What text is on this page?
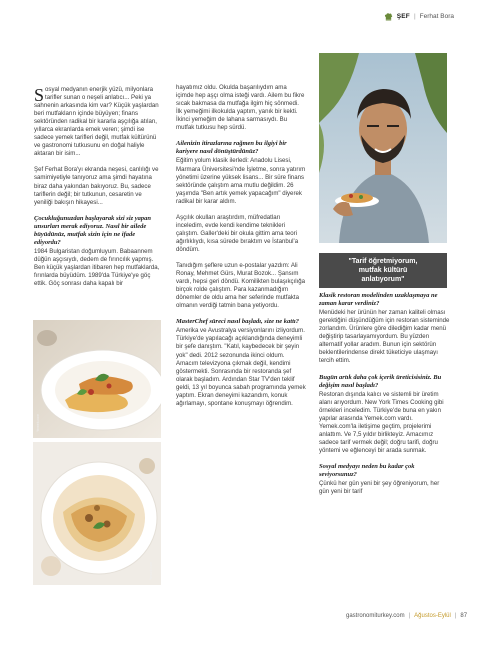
ŞEF | Ferhat Bora

Sosyal medyanın enerjik yüzü, milyonlara tarifler sunan o neşeli anlatıcı... Peki ya sahnenin arkasında kim var? Küçük yaşlardan beri mutfakların içinde büyüyen; finans sektöründen radikal bir kararla aşçılığa atılan, yıllarca ekranlarda emek veren; şimdi ise sadece yemek tarifleri değil, mutfak kültürünü ve gastronomi tutkusunu en doğal haliyle aktaran bir isim...

Şef Ferhat Bora'yı ekranda neşesi, canlılığı ve samimiyetiyle tanıyoruz ama şimdi hayatına biraz daha yakından bakıyoruz. Bu, sadece tariflerin değil; bir tutkunun, cesaretin ve yeniliği bakışın hikayesi...

Çocukluğunuzdan başlayarak sizi siz yapan unsurları merak ediyoruz. Nasıl bir ailede büyüdünüz, mutfak sizin için ne ifade ediyordu?

1984 Bulgaristan doğumluyum. Babaannem düğün aşçısıydı, dedem de fırıncılık yapmış. Ben küçük yaşlardan itibaren hep mutfaklarda, fırınlarda büyüdüm. 1989'da Türkiye'ye göç ettik. Göç sonrası daha kapalı bir

Yemek.com
Yemek.com

hayatımız oldu. Okulda başarılıydım ama içimde hep aşçı olma isteği vardı. Ailem bu fikre sıcak bakmasa da mutfağa ilgim hiç sönmedi. İlk yemeğimi ilkokulda yaptım, yanık bir kekti. İkinci yemeğim de lahana sarmasıydı. Bu mutfak tutkusu hep sürdü.

Ailenizin itirazlarına rağmen bu ilgiyi bir kariyere nasıl dönüştürdünüz?

Eğitim yolum klasik ilerledi: Anadolu Lisesi, Marmara Üniversitesi'nde İşletme, sonra yatırım yönetimi üzerine yüksek lisans... Bir süre finans sektöründe çalıştım ama mutlu değildim. 26 yaşımda "Ben artık yemek yapacağım" diyerek radikal bir karar aldım.

Aşçılık okulları araştırdım, müfredatları inceledim, evde kendi kendime teknikleri çalıştım. Galler'deki bir okula gittim ama teori ağırlıklıydı, kısa sürede bıraktım ve İstanbul'a döndüm.

Tanıdığım şeflere uzun e-postalar yazdım: Ali Ronay, Mehmet Gürs, Murat Bozok... Şansım vardı, hepsi geri döndü. Komilikten bulaşıkçılığa birçok rolde çalıştım. Para kazanmadığım dönemler de oldu ama her seferinde mutfakta olmanın verdiği tatmin bana yetiyordu.

MasterChef süreci nasıl başladı, size ne kattı?

Amerika ve Avustralya versiyonlarını izliyordum. Türkiye'de yapılacağı açıklandığında deneyimli bir şefe danıştım. "Katıl, kaybedecek bir şeyin yok" dedi. 2012 sezonunda ikinci oldum. Amacım televizyona çıkmak değil, kendimi göstermekti. Sonrasında bir restoranda şef olarak başladım. Ardından Star TV'den teklif geldi, 13 yıl boyunca sabah programında yemek yaptım. Ekran deneyimi kazandım, konuk ağırlamayı, spontane konuşmayı öğrendim.

"Tarif öğretmiyorum,
mutfak kültürü
anlatıyorum"

Klasik restoran modelinden uzaklaşmaya ne zaman karar verdiniz?

Menüdeki her ürünün her zaman kaliteli olması gerektiğini düşündüğüm için restoran sisteminde zorlandım. Ürünlere göre dilediğim kadar menü değiştirip tasarlayamıyordum. Bu yüzden alternatif yollar aradım. Bunun için sektörün beklentilerindense direkt tüketiciye ulaşmayı tercih ettim.

Bugün artık daha çok içerik üreticisisiniz. Bu değişim nasıl başladı?

Restoran dışında kalıcı ve sistemli bir üretim alanı arıyordum. New York Times Cooking gibi örnekleri inceledim. Türkiye'de buna en yakın yapılar arasında Yemek.com vardı. Yemek.com'la iletişime geçtim, projelerimi anlattım. Ve 7,5 yıldır birlikteyiz. Amacımız sadece tarif vermek değil; doğru tarifi, doğru yöntemi ve eğlenceyi bir arada sunmak.

Sosyal medyayı neden bu kadar çok seviyorsunuz?

Çünkü her gün yeni bir şey öğreniyorum, her gün yeni bir tarif

gastronomiturkey.com | Ağustos-Eylül | 87
